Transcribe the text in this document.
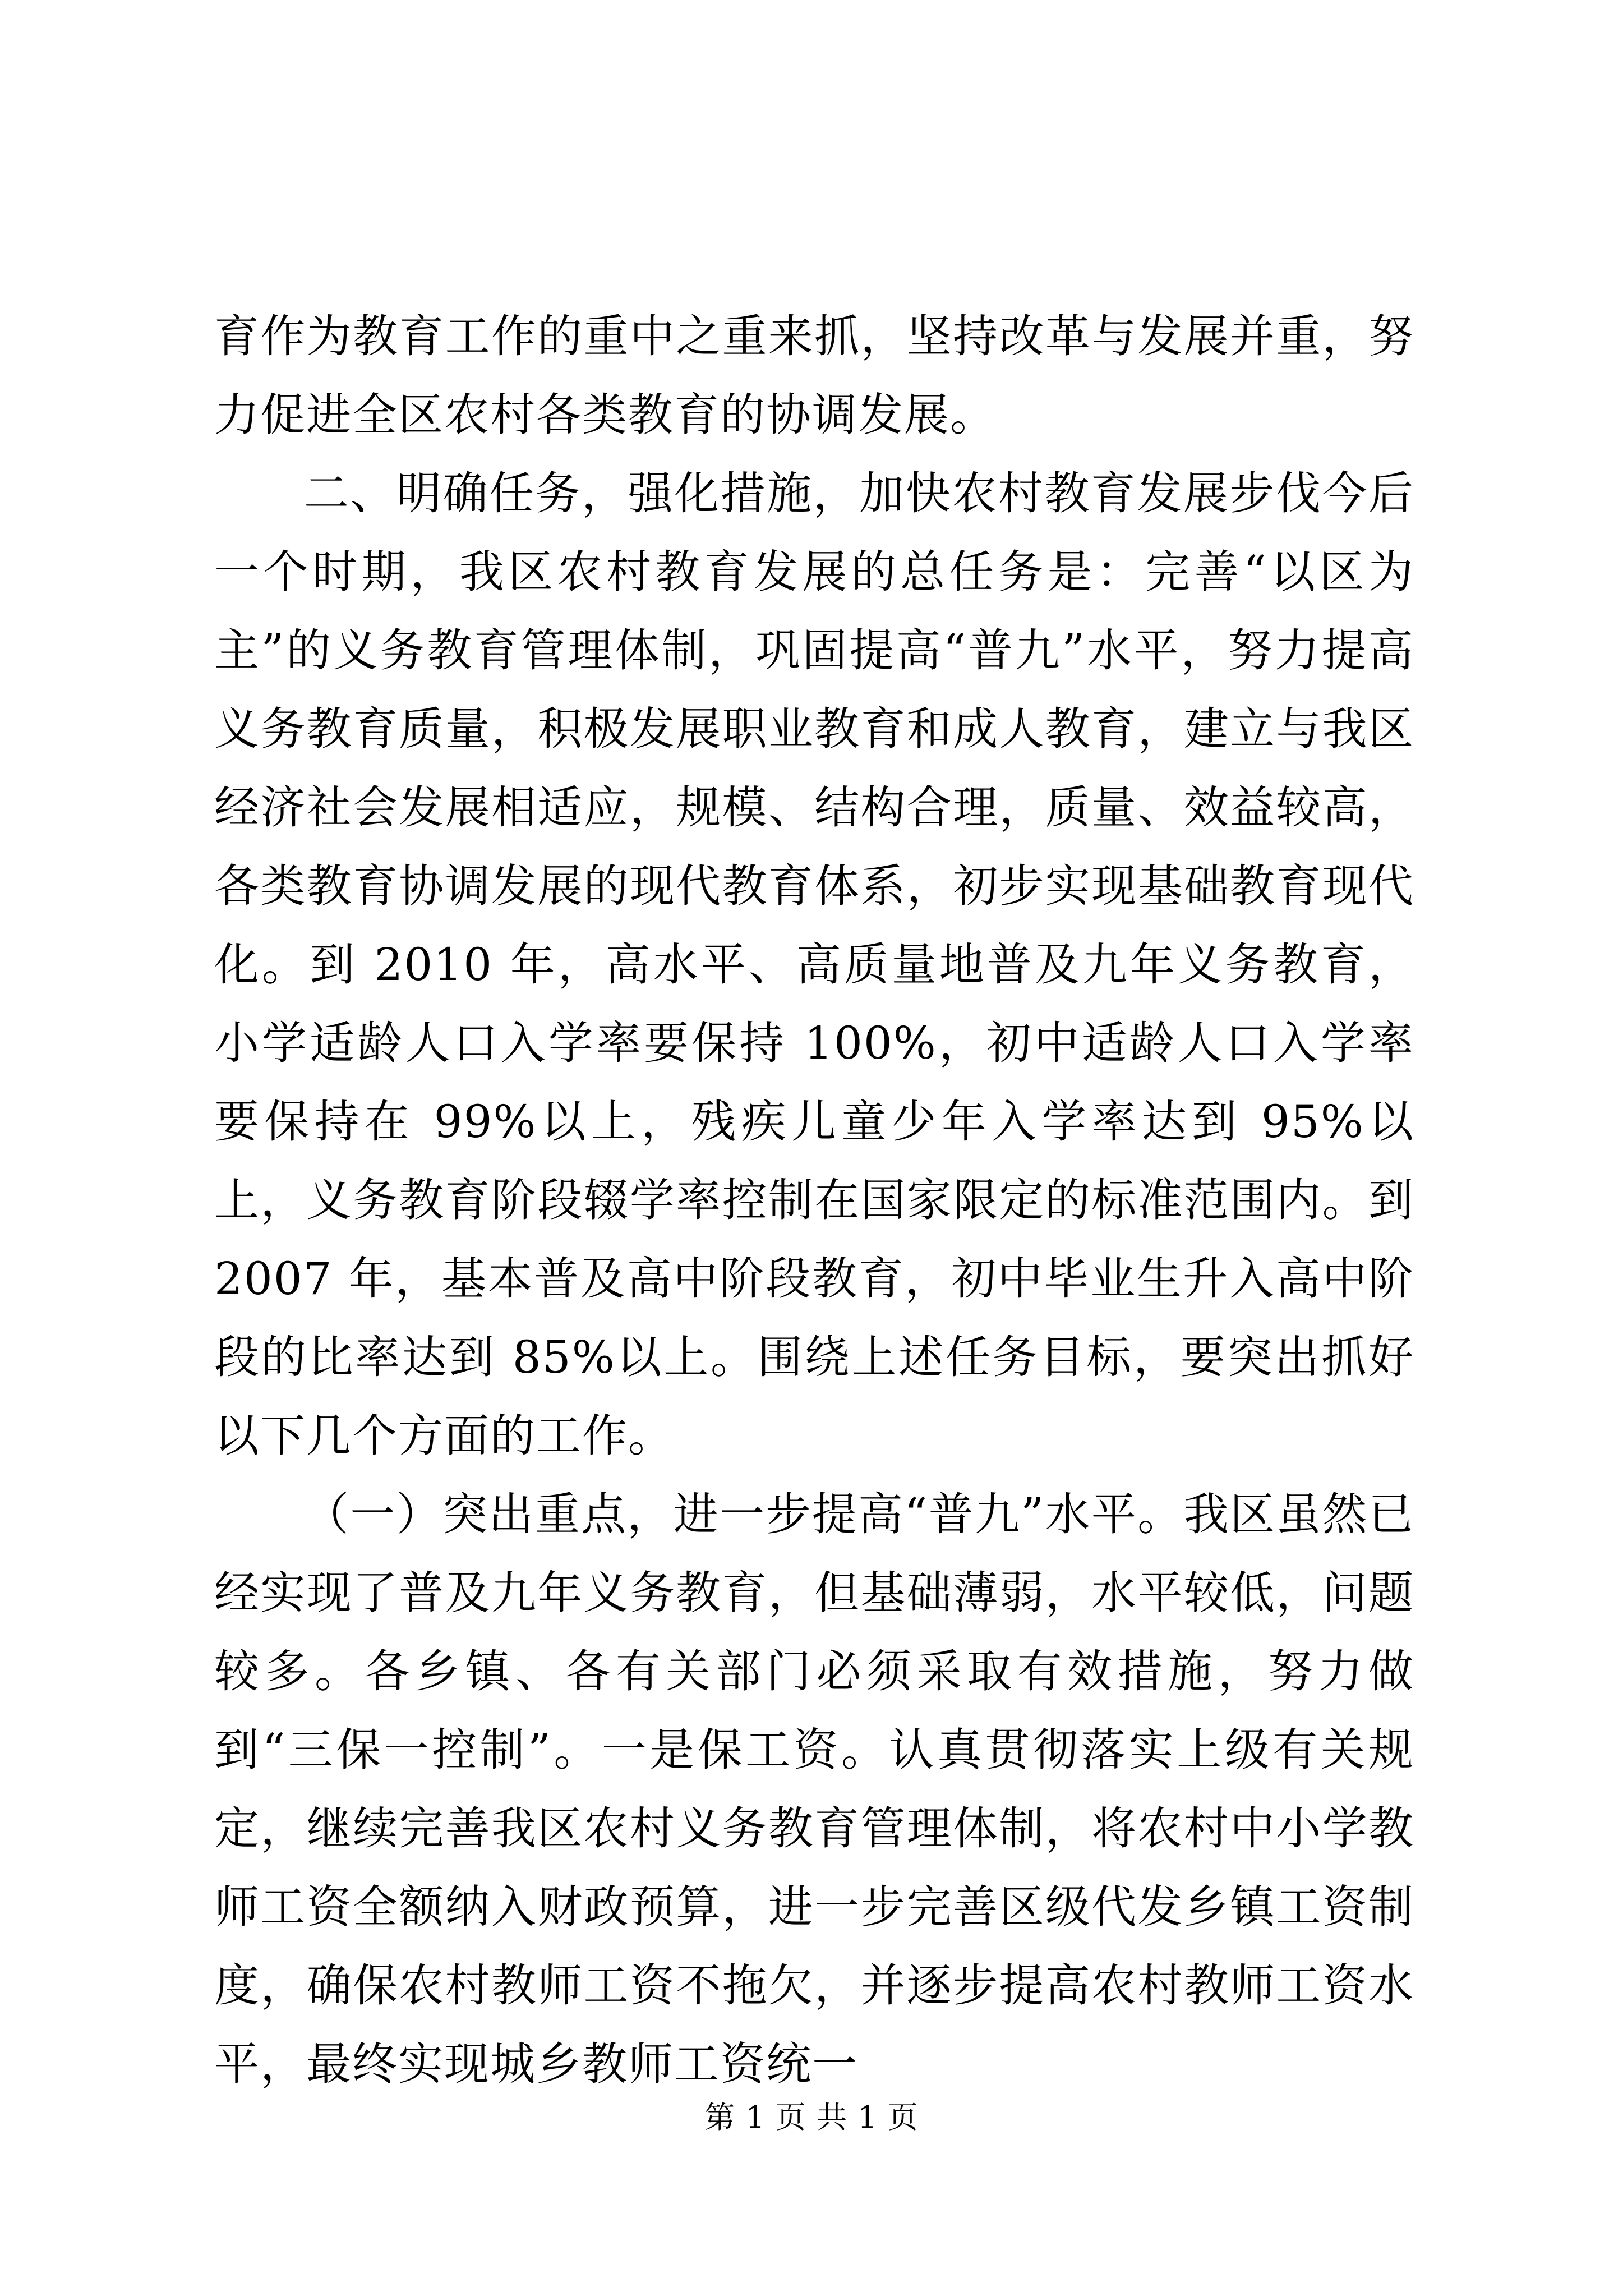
育作为教育工作的重中之重来抓，坚持改革与发展并重，努力促进全区农村各类教育的协调发展。

二、明确任务，强化措施，加快农村教育发展步伐今后一个时期，我区农村教育发展的总任务是：完善“以区为主”的义务教育管理体制，巩固提高“普九”水平，努力提高义务教育质量，积极发展职业教育和成人教育，建立与我区经济社会发展相适应，规模、结构合理，质量、效益较高，各类教育协调发展的现代教育体系，初步实现基础教育现代化。到 2010 年，高水平、高质量地普及九年义务教育，小学适龄人口入学率要保持 100%，初中适龄人口入学率要保持在 99%以上，残疾儿童少年入学率达到 95%以上，义务教育阶段辍学率控制在国家限定的标准范围内。到 2007 年，基本普及高中阶段教育，初中毕业生升入高中阶段的比率达到 85%以上。围绕上述任务目标，要突出抓好以下几个方面的工作。

（一）突出重点，进一步提高“普九”水平。我区虽然已经实现了普及九年义务教育，但基础薄弱，水平较低，问题较多。各乡镇、各有关部门必须采取有效措施，努力做到“三保一控制”。一是保工资。认真贯彻落实上级有关规定，继续完善我区农村义务教育管理体制，将农村中小学教师工资全额纳入财政预算，进一步完善区级代发乡镇工资制度，确保农村教师工资不拖欠，并逐步提高农村教师工资水平，最终实现城乡教师工资统一

第 1 页 共 1 页
